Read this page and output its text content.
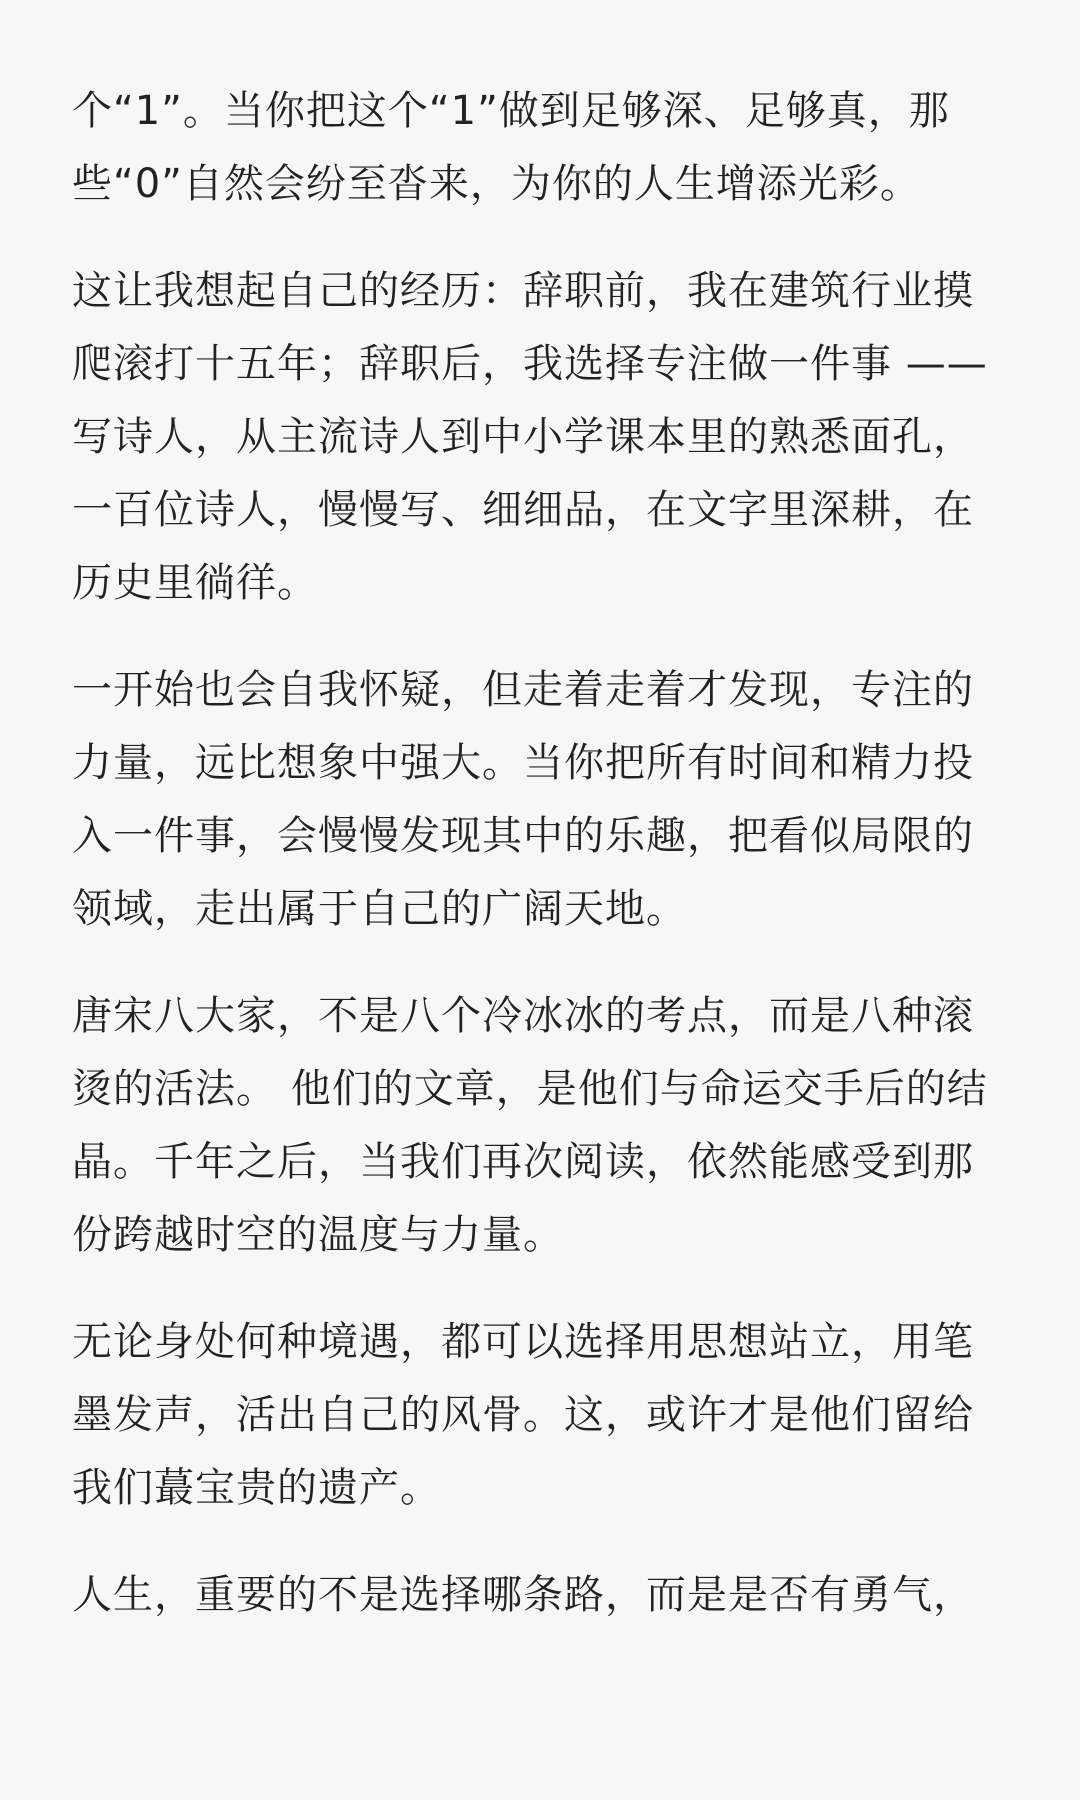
个“1”。当你把这个“1”做到足够深、足够真，那些“0”自然会纷至沓来，为你的人生增添光彩。

这让我想起自己的经历：辞职前，我在建筑行业摸爬滚打十五年；辞职后，我选择专注做一件事 —— 写诗人，从主流诗人到中小学课本里的熟悉面孔，一百位诗人，慢慢写、细细品，在文字里深耕，在历史里徜徉。

一开始也会自我怀疑，但走着走着才发现，专注的力量，远比想象中强大。当你把所有时间和精力投入一件事，会慢慢发现其中的乐趣，把看似局限的领域，走出属于自己的广阔天地。

唐宋八大家，不是八个冷冰冰的考点，而是八种滚烫的活法。 他们的文章，是他们与命运交手后的结晶。千年之后，当我们再次阅读，依然能感受到那份跨越时空的温度与力量。

无论身处何种境遇，都可以选择用思想站立，用笔墨发声，活出自己的风骨。这，或许才是他们留给我们蕞宝贵的遗产。

人生，重要的不是选择哪条路，而是是否有勇气，
